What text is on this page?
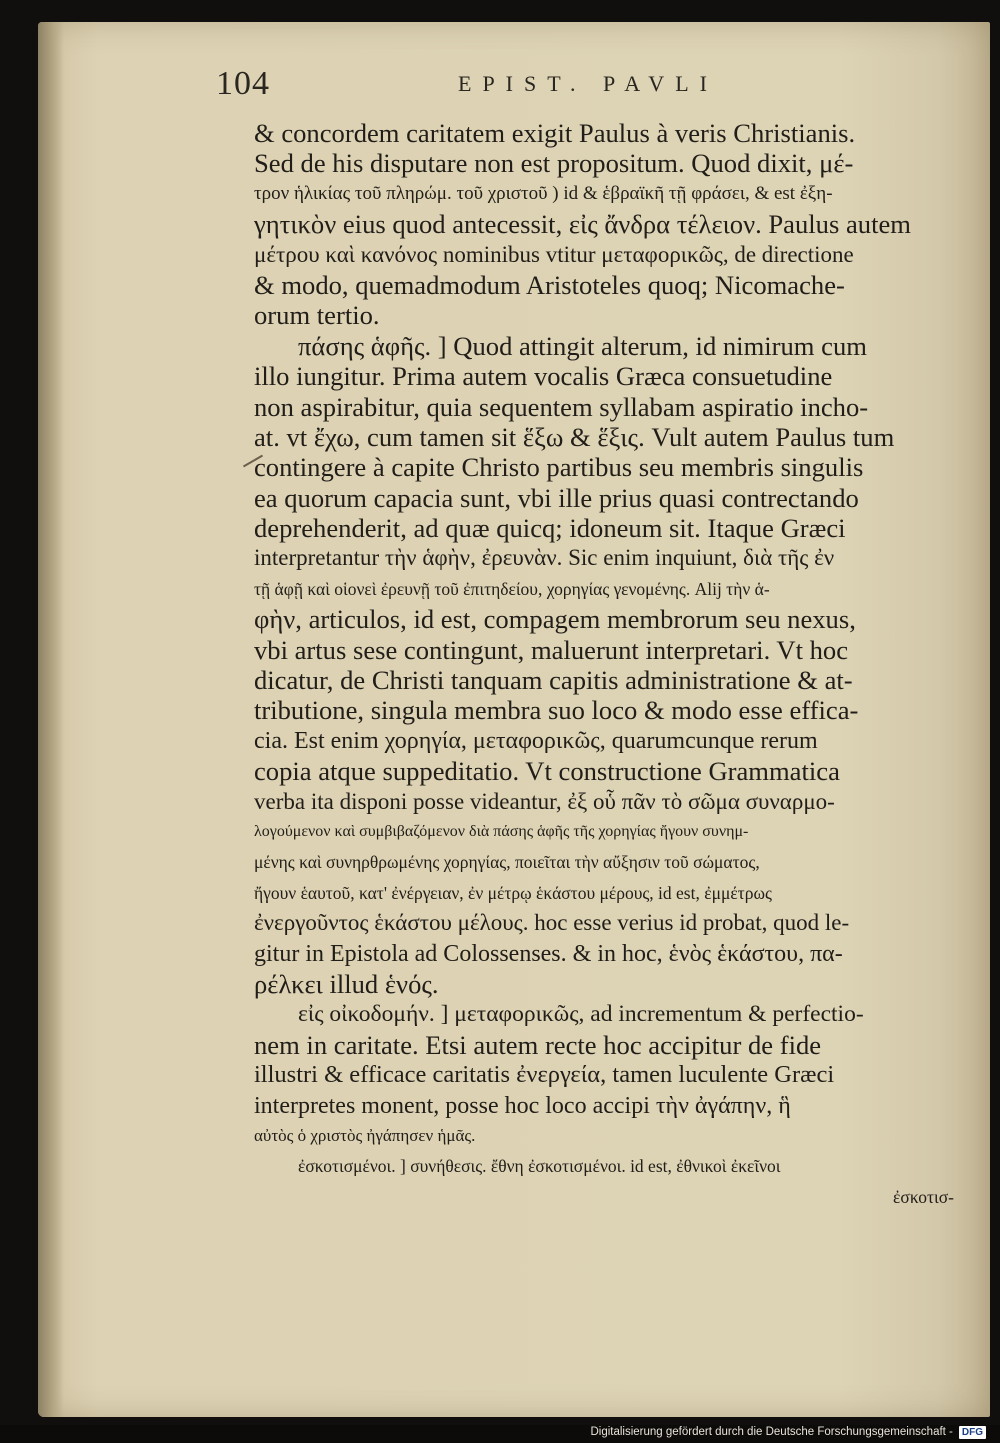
104	EPIST. PAVLI
& concordem caritatem exigit Paulus à veris Christianis.
Sed de his disputare non est propositum. Quod dixit, μέ-
τρον ἡλικίας τοῦ πληρώμ. τοῦ χριστοῦ ) id & ἑβραϊκῆ τῇ φράσει, & est ἐξη-
γητικὸν eius quod antecessit, εἰς ἄνδρα τέλειον. Paulus autem
μέτρου καὶ κανόνος nominibus vtitur μεταφορικῶς, de directione
& modo, quemadmodum Aristoteles quoq; Nicomache-
orum tertio.
πάσης ἁφῆς. ] Quod attingit alterum, id nimirum cum
illo iungitur. Prima autem vocalis Græca consuetudine
non aspirabitur, quia sequentem syllabam aspiratio incho-
at. vt ἔχω, cum tamen sit ἕξω & ἕξις. Vult autem Paulus tum
contingere à capite Christo partibus seu membris singulis
ea quorum capacia sunt, vbi ille prius quasi contrectando
deprehenderit, ad quæ quicq; idoneum sit. Itaque Græci
interpretantur τὴν ἁφὴν, ἐρευνὰν. Sic enim inquiunt, διὰ τῆς ἐν
τῇ ἁφῇ καὶ οἱονεὶ ἐρευνῇ τοῦ ἐπιτηδείου, χορηγίας γενομένης. Alij τὴν ἁ-
φὴν, articulos, id est, compagem membrorum seu nexus,
vbi artus sese contingunt, maluerunt interpretari. Vt hoc
dicatur, de Christi tanquam capitis administratione & at-
tributione, singula membra suo loco & modo esse effica-
cia. Est enim χορηγία, μεταφορικῶς, quarumcunque rerum
copia atque suppeditatio. Vt constructione Grammatica
verba ita disponi posse videantur, ἐξ οὗ πᾶν τὸ σῶμα συναρμο-
λογούμενον καὶ συμβιβαζόμενον διὰ πάσης ἁφῆς τῆς χορηγίας ἤγουν συνημ-
μένης καὶ συνηρθρωμένης χορηγίας, ποιεῖται τὴν αὔξησιν τοῦ σώματος,
ἤγουν ἑαυτοῦ, κατ' ἐνέργειαν, ἐν μέτρῳ ἑκάστου μέρους, id est, ἐμμέτρως
ἐνεργοῦντος ἑκάστου μέλους. hoc esse verius id probat, quod le-
gitur in Epistola ad Colossenses. & in hoc, ἑνὸς ἑκάστου, πα-
ρέλκει illud ἑνός.
εἰς οἰκοδομήν. ] μεταφορικῶς, ad incrementum & perfectio-
nem in caritate. Etsi autem recte hoc accipitur de fide
illustri & efficace caritatis ἐνεργεία, tamen luculente Græci
interpretes monent, posse hoc loco accipi τὴν ἀγάπην, ἣ
αὐτὸς ὁ χριστὸς ἠγάπησεν ἡμᾶς.
ἐσκοτισμένοι. ] συνήθεσις. ἔθνη ἐσκοτισμένοι. id est, ἐθνικοὶ ἐκεῖνοι
ἐσκοτισ-
Digitalisierung gefördert durch die Deutsche Forschungsgemeinschaft - DFG
